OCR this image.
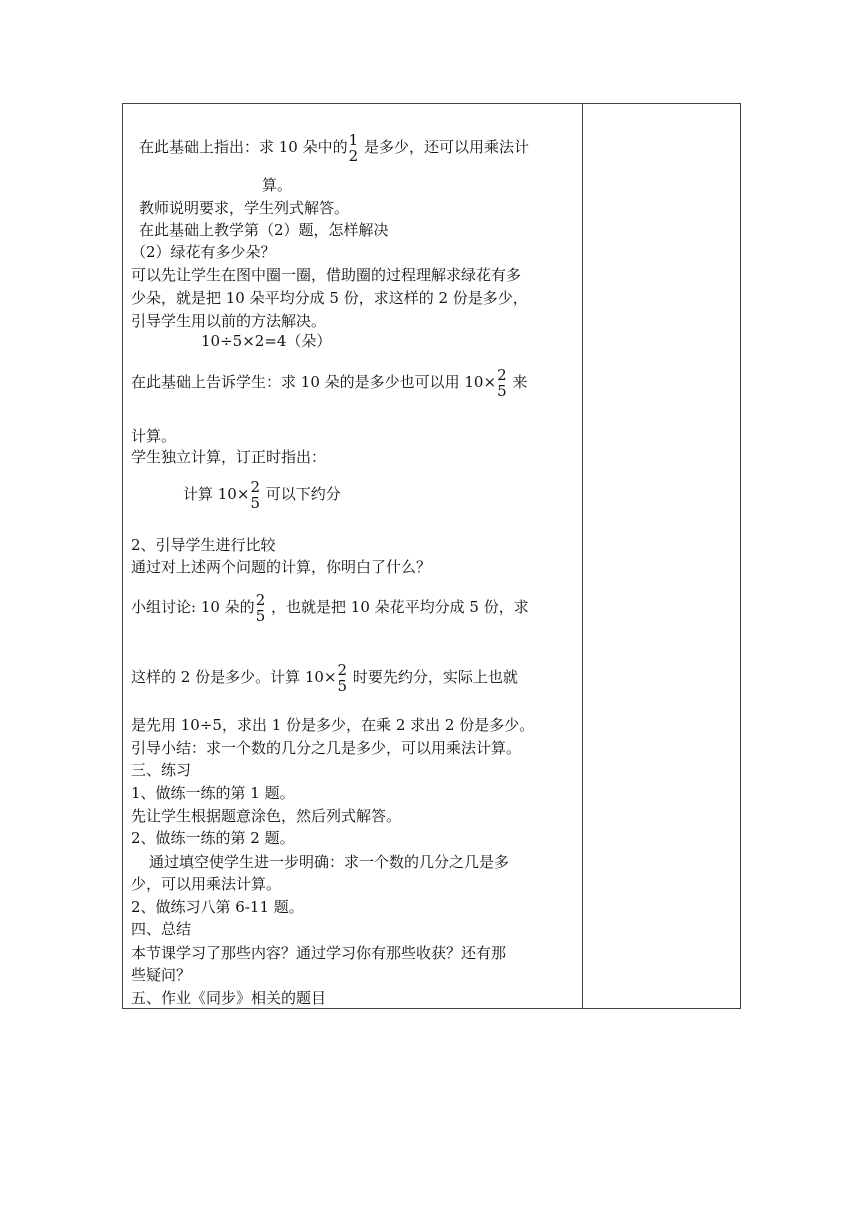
在此基础上指出：求 10 朵中的 1
2 是多少，还可以用乘法计
算。
教师说明要求，学生列式解答。
在此基础上教学第（2）题，怎样解决
（2）绿花有多少朵？
可以先让学生在图中圈一圈，借助圈的过程理解求绿花有多
少朵，就是把 10 朵平均分成 5 份，求这样的 2 份是多少，
引导学生用以前的方法解决。
10÷5×2=4（朵）
在此基础上告诉学生：求 10 朵的是多少也可以用 10× 2
5 来
计算。
学生独立计算，订正时指出：
计算 10× 2
5 可以下约分
2、引导学生进行比较
通过对上述两个问题的计算，你明白了什么？
小组讨论: 10 朵的 2
5 ，也就是把 10 朵花平均分成 5 份，求
这样的 2 份是多少。计算 10× 2
5 时要先约分，实际上也就
是先用 10÷5，求出 1 份是多少，在乘 2 求出 2 份是多少。
引导小结：求一个数的几分之几是多少，可以用乘法计算。
三、练习
1、做练一练的第 1 题。
先让学生根据题意涂色，然后列式解答。
2、做练一练的第 2 题。
通过填空使学生进一步明确：求一个数的几分之几是多
少，可以用乘法计算。
2、做练习八第 6-11 题。
四、总结
本节课学习了那些内容？通过学习你有那些收获？还有那
些疑问？
五、作业《同步》相关的题目
